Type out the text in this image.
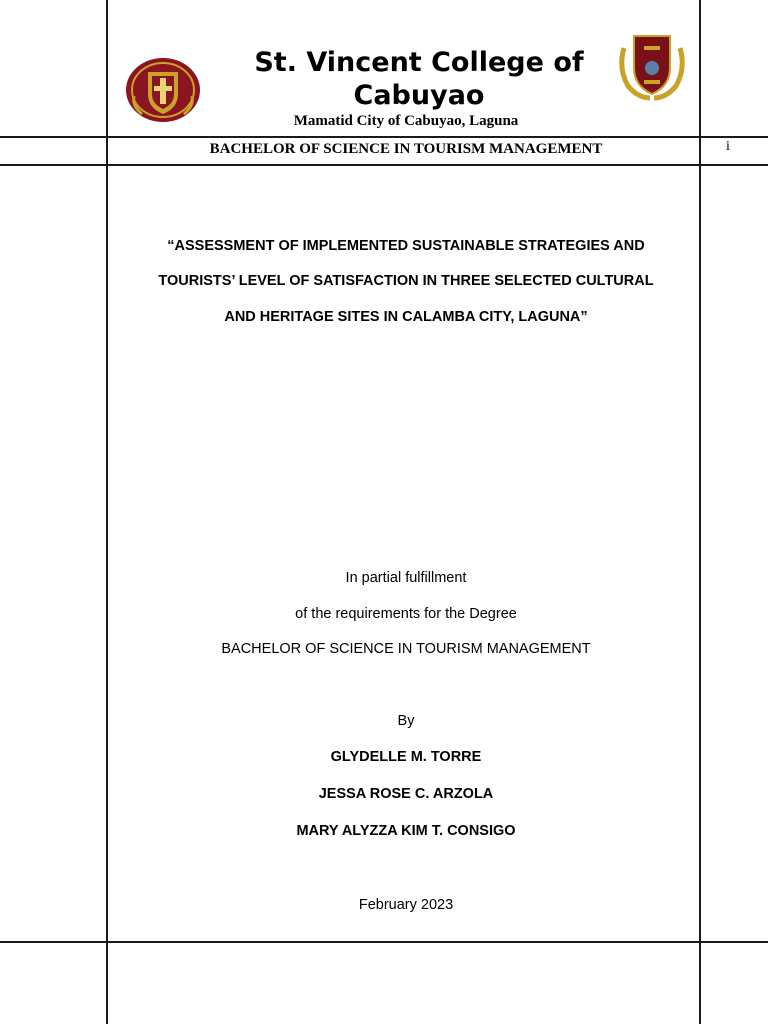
St. Vincent College of
Cabuyao
Mamatid City of Cabuyao, Laguna
BACHELOR OF SCIENCE IN TOURISM MANAGEMENT	i
“ASSESSMENT OF IMPLEMENTED SUSTAINABLE STRATEGIES AND
TOURISTS’ LEVEL OF SATISFACTION IN THREE SELECTED CULTURAL
AND HERITAGE SITES IN CALAMBA CITY, LAGUNA”
In partial fulfillment
of the requirements for the Degree
BACHELOR OF SCIENCE IN TOURISM MANAGEMENT
By
GLYDELLE M. TORRE
JESSA ROSE C. ARZOLA
MARY ALYZZA KIM T. CONSIGO
February 2023
